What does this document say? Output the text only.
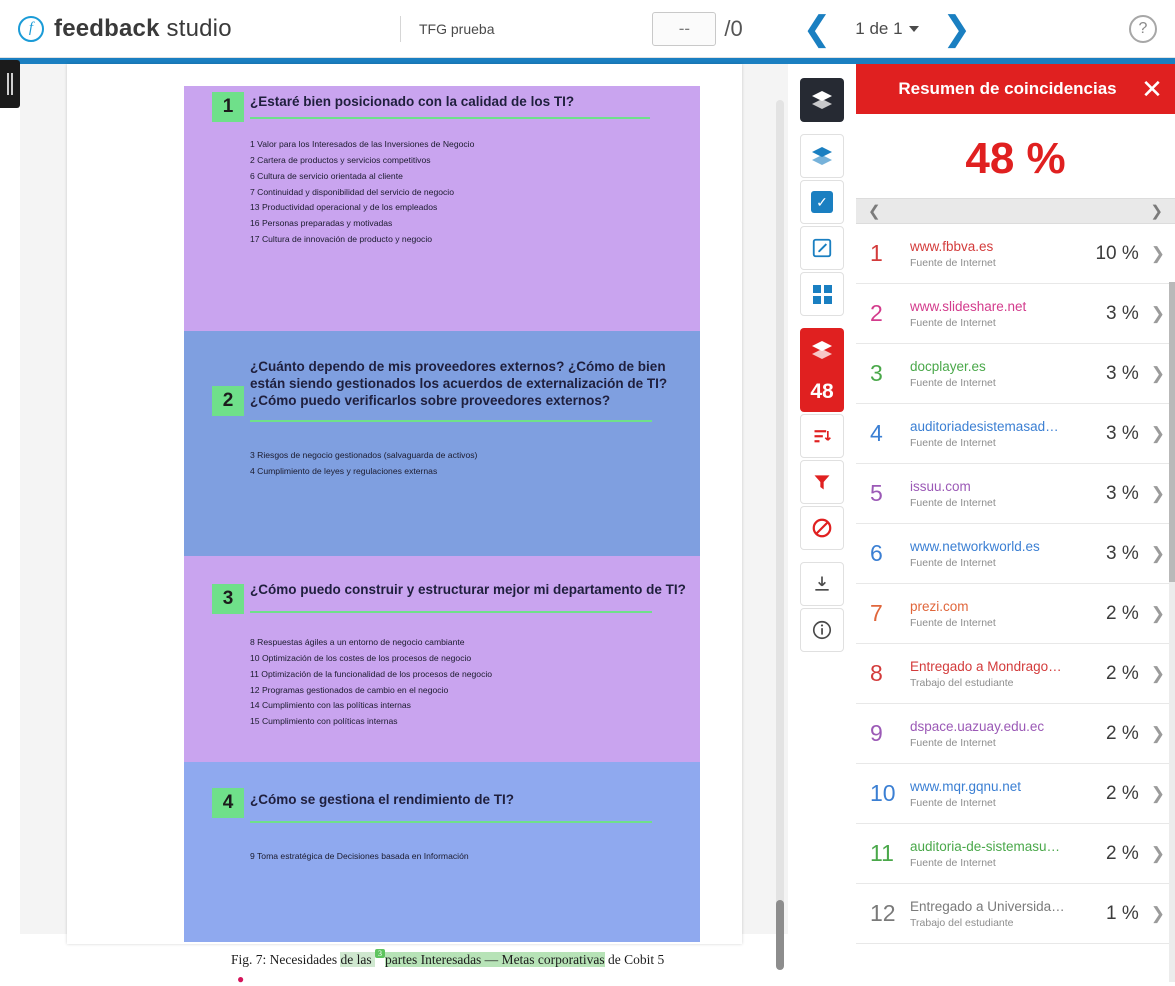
f feedback studio	TFG prueba	--	/0 ❮ 1 de 1 ❯	?
1	¿Estaré bien posicionado con la calidad de los TI?
1 Valor para los Interesados de las Inversiones de Negocio
2 Cartera de productos y servicios competitivos
6 Cultura de servicio orientada al cliente
7 Continuidad y disponibilidad del servicio de negocio
13 Productividad operacional y de los empleados
16 Personas preparadas y motivadas
17 Cultura de innovación de producto y negocio
2
¿Cuánto dependo de mis proveedores externos? ¿Cómo de bien están siendo gestionados los acuerdos de externalización de TI? ¿Cómo puedo verificarlos sobre proveedores externos?
3 Riesgos de negocio gestionados (salvaguarda de activos)
4 Cumplimiento de leyes y regulaciones externas
3	¿Cómo puedo construir y estructurar mejor mi departamento de TI?
8 Respuestas ágiles a un entorno de negocio cambiante
10 Optimización de los costes de los procesos de negocio
11 Optimización de la funcionalidad de los procesos de negocio
12 Programas gestionados de cambio en el negocio
14 Cumplimiento con las políticas internas
15 Cumplimiento con políticas internas
4	¿Cómo se gestiona el rendimiento de TI?
9 Toma estratégica de Decisiones basada en Información
Fig. 7: Necesidades de las 3 partes Interesadas — Metas corporativas de Cobit 5
●
✓
48
Resumen de coincidencias ✕
48 %
❮	❯
1	www.fbbva.es
Fuente de Internet	10 % ❯
2	www.slideshare.net
Fuente de Internet	3 % ❯
3	docplayer.es
Fuente de Internet	3 % ❯
4	auditoriadesistemasad…
Fuente de Internet	3 % ❯
5	issuu.com
Fuente de Internet	3 % ❯
6	www.networkworld.es
Fuente de Internet	3 % ❯
7	prezi.com
Fuente de Internet	2 % ❯
8	Entregado a Mondrago…
Trabajo del estudiante	2 % ❯
9	dspace.uazuay.edu.ec
Fuente de Internet	2 % ❯
10	www.mqr.gqnu.net
Fuente de Internet	2 % ❯
11	auditoria-de-sistemasu…
Fuente de Internet	2 % ❯
12	Entregado a Universida…
Trabajo del estudiante	1 % ❯
